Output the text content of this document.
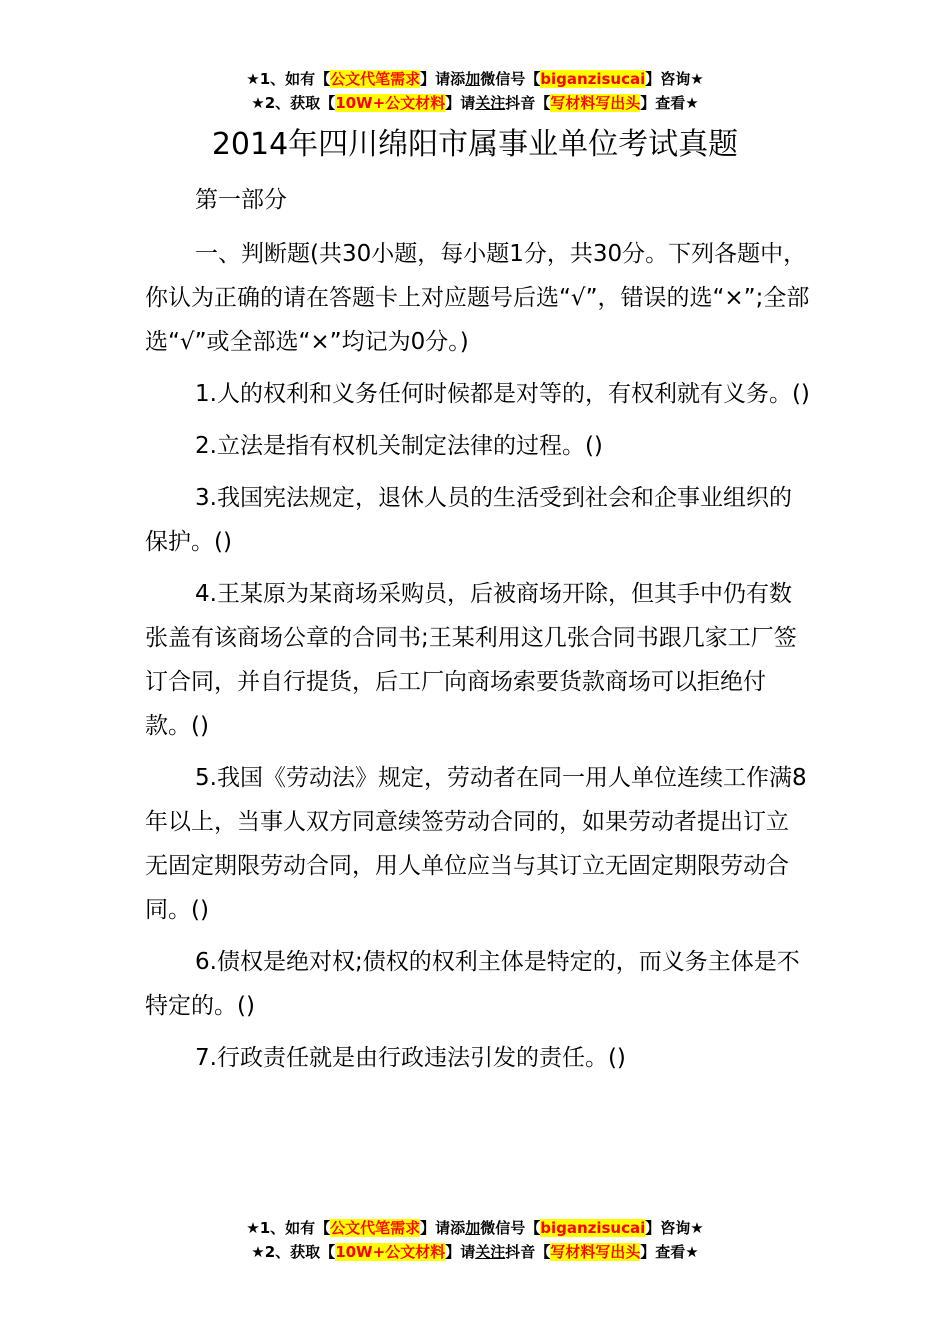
★1、如有【公文代笔需求】请添加微信号【biganzisucai】咨询★
★2、获取【10W+公文材料】请关注抖音【写材料写出头】查看★
2014年四川绵阳市属事业单位考试真题

第一部分

一、判断题(共30小题，每小题1分，共30分。下列各题中，你认为正确的请在答题卡上对应题号后选“√”，错误的选“×”;全部选“√”或全部选“×”均记为0分。)

1.人的权利和义务任何时候都是对等的，有权利就有义务。()

2.立法是指有权机关制定法律的过程。()

3.我国宪法规定，退休人员的生活受到社会和企事业组织的保护。()

4.王某原为某商场采购员，后被商场开除，但其手中仍有数张盖有该商场公章的合同书;王某利用这几张合同书跟几家工厂签订合同，并自行提货，后工厂向商场索要货款商场可以拒绝付款。()

5.我国《劳动法》规定，劳动者在同一用人单位连续工作满8年以上，当事人双方同意续签劳动合同的，如果劳动者提出订立无固定期限劳动合同，用人单位应当与其订立无固定期限劳动合同。()

6.债权是绝对权;债权的权利主体是特定的，而义务主体是不特定的。()

7.行政责任就是由行政违法引发的责任。()

★1、如有【公文代笔需求】请添加微信号【biganzisucai】咨询★
★2、获取【10W+公文材料】请关注抖音【写材料写出头】查看★
